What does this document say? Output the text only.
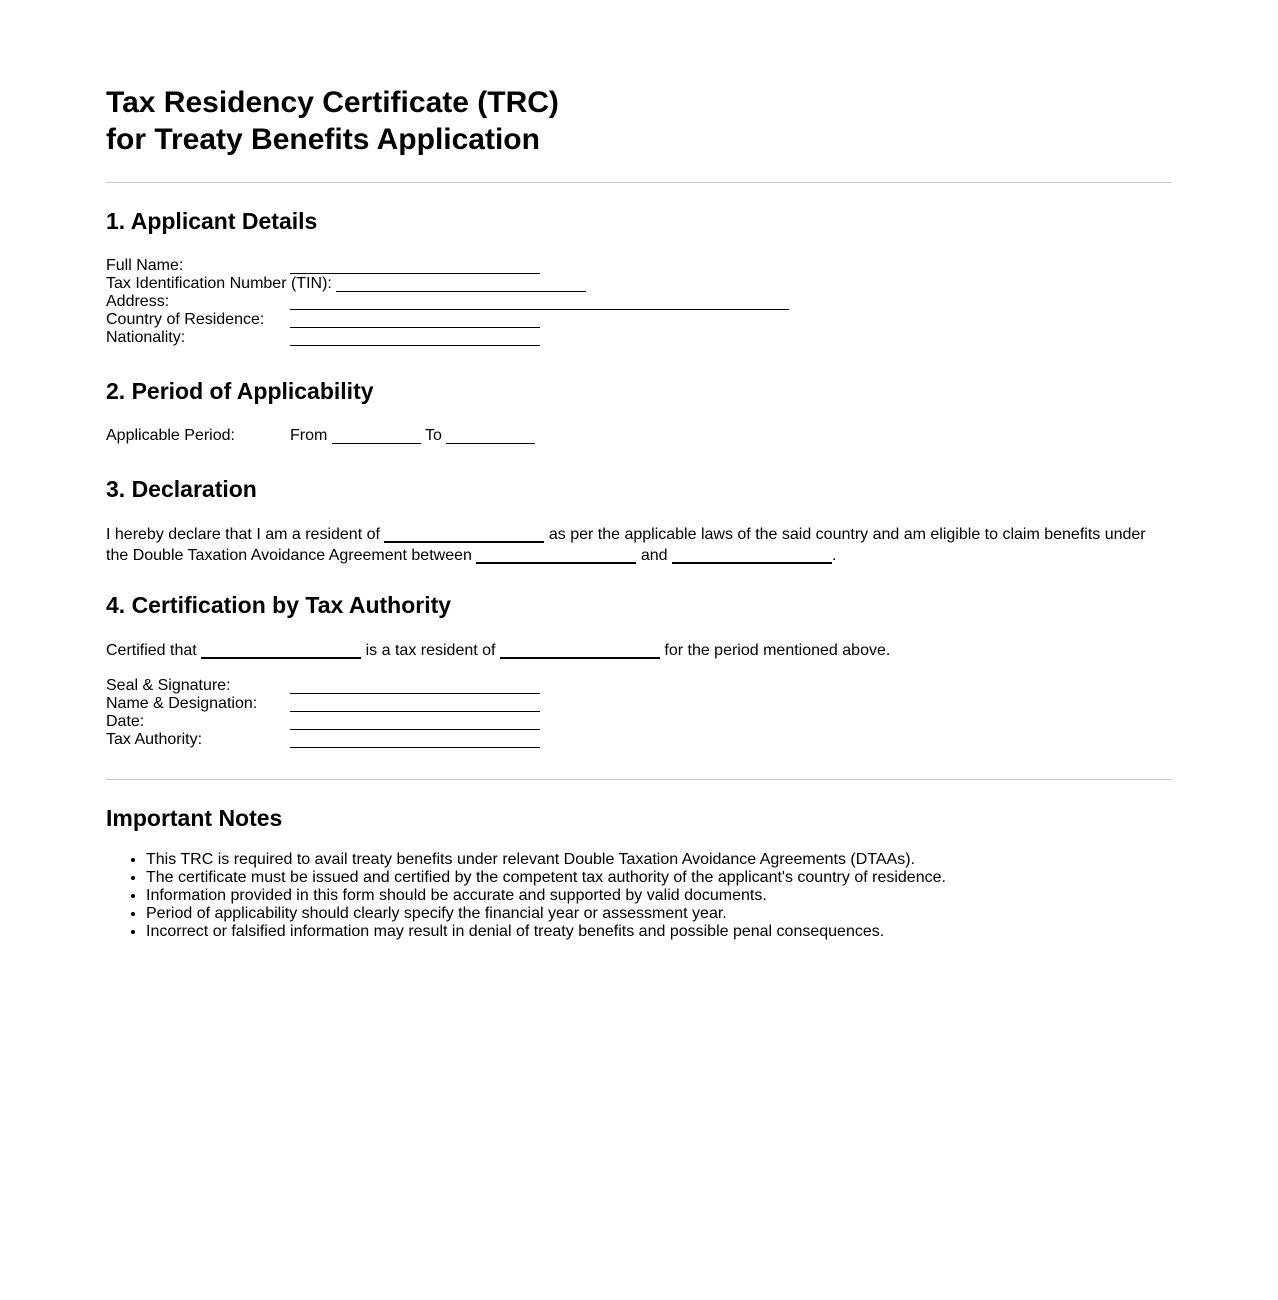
Tax Residency Certificate (TRC)
for Treaty Benefits Application
1. Applicant Details
Full Name:
Tax Identification Number (TIN):
Address:
Country of Residence:
Nationality:
2. Period of Applicability
Applicable Period:	From	To
3. Declaration
I hereby declare that I am a resident of	as per the applicable laws of the said country and am eligible to claim benefits under the Double Taxation Avoidance Agreement between	and	.
4. Certification by Tax Authority
Certified that	is a tax resident of	for the period mentioned above.
Seal & Signature:
Name & Designation:
Date:
Tax Authority:
Important Notes
• This TRC is required to avail treaty benefits under relevant Double Taxation Avoidance Agreements (DTAAs).
• The certificate must be issued and certified by the competent tax authority of the applicant's country of residence.
• Information provided in this form should be accurate and supported by valid documents.
• Period of applicability should clearly specify the financial year or assessment year.
• Incorrect or falsified information may result in denial of treaty benefits and possible penal consequences.
